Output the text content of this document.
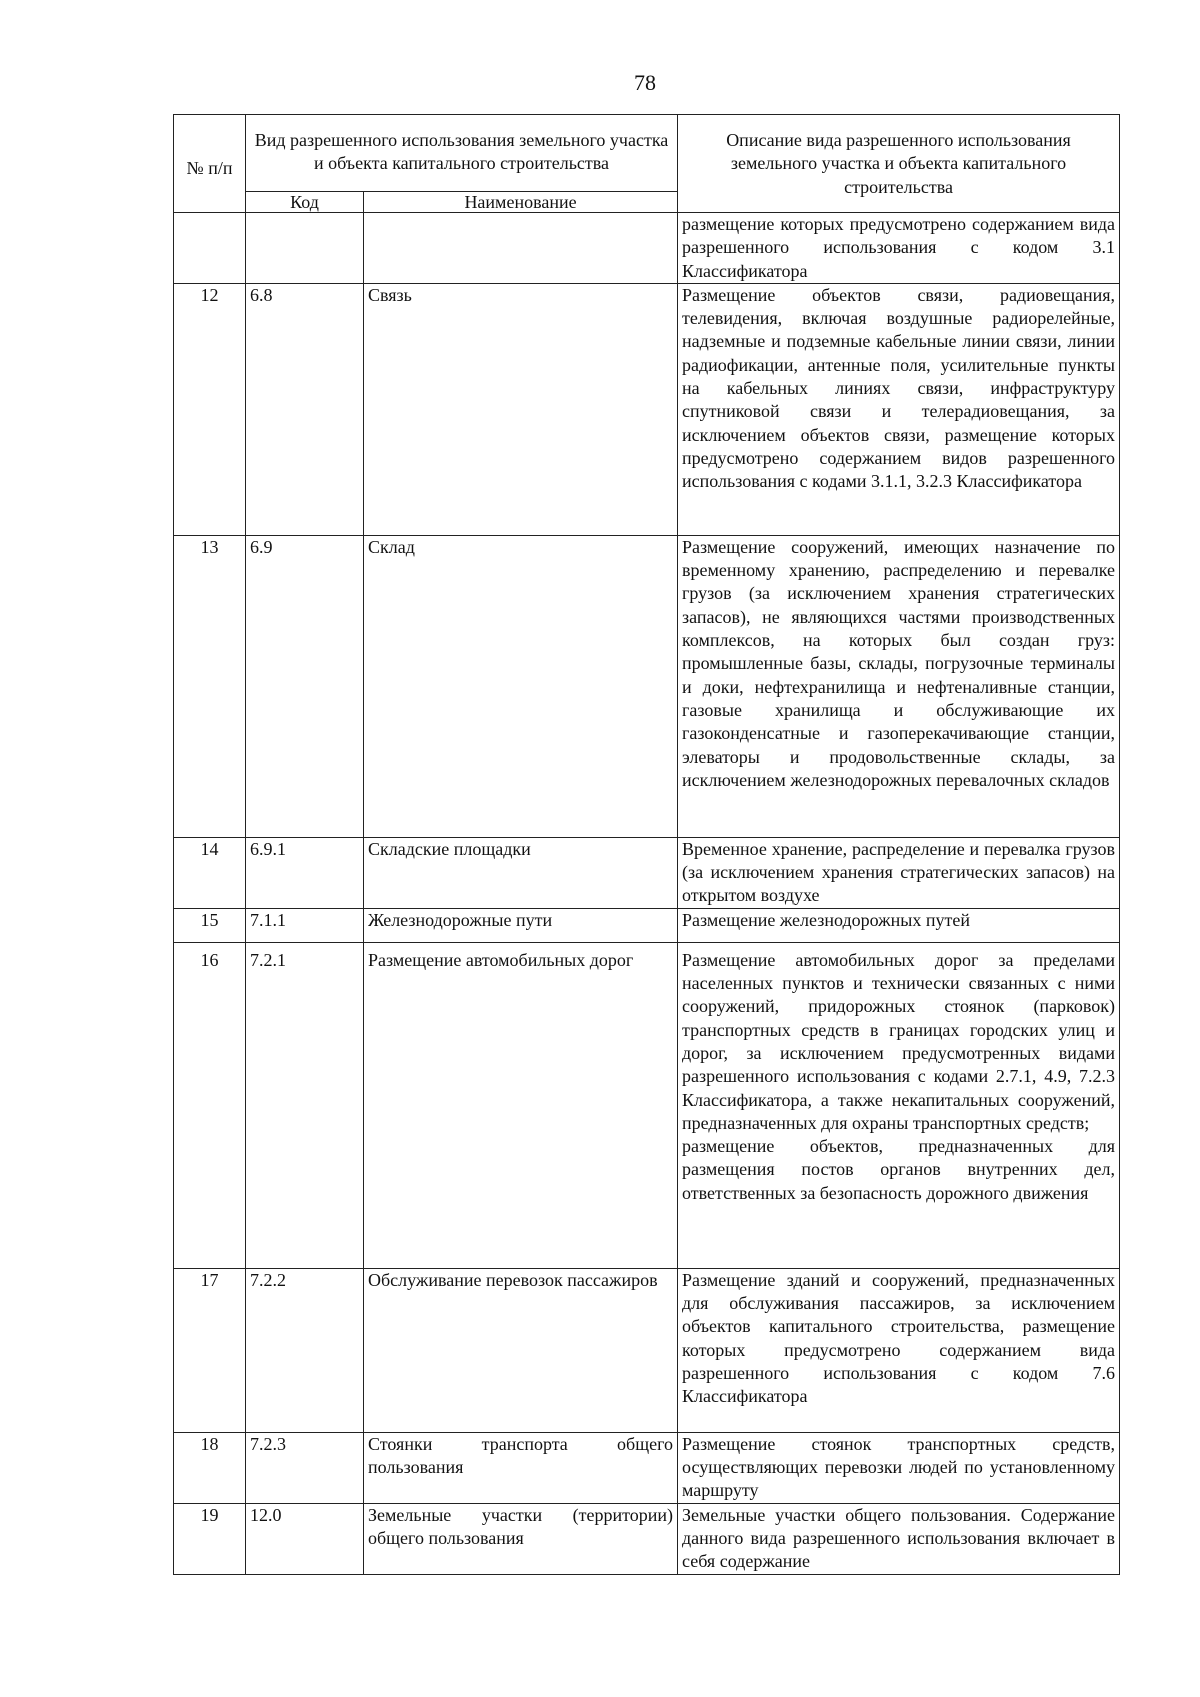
78
№ п/п	Вид разрешенного использования земельного участка и объекта капитального строительства		Описание вида разрешенного использования земельного участка и объекта капитального строительства
	Код	Наименование	
			размещение которых предусмотрено содержанием вида разрешенного использования с кодом 3.1 Классификатора
12	6.8	Связь	Размещение объектов связи, радиовещания, телевидения, включая воздушные радиорелейные, надземные и подземные кабельные линии связи, линии радиофикации, антенные поля, усилительные пункты на кабельных линиях связи, инфраструктуру спутниковой связи и телерадиовещания, за исключением объектов связи, размещение которых предусмотрено содержанием видов разрешенного использования с кодами 3.1.1, 3.2.3 Классификатора
13	6.9	Склад	Размещение сооружений, имеющих назначение по временному хранению, распределению и перевалке грузов (за исключением хранения стратегических запасов), не являющихся частями производственных комплексов, на которых был создан груз: промышленные базы, склады, погрузочные терминалы и доки, нефтехранилища и нефтеналивные станции, газовые хранилища и обслуживающие их газоконденсатные и газоперекачивающие станции, элеваторы и продовольственные склады, за исключением железнодорожных перевалочных складов
14	6.9.1	Складские площадки	Временное хранение, распределение и перевалка грузов (за исключением хранения стратегических запасов) на открытом воздухе
15	7.1.1	Железнодорожные пути	Размещение железнодорожных путей
16	7.2.1	Размещение автомобильных дорог	Размещение автомобильных дорог за пределами населенных пунктов и технически связанных с ними сооружений, придорожных стоянок (парковок) транспортных средств в границах городских улиц и дорог, за исключением предусмотренных видами разрешенного использования с кодами 2.7.1, 4.9, 7.2.3 Классификатора, а также некапитальных сооружений, предназначенных для охраны транспортных средств;
размещение объектов, предназначенных для размещения постов органов внутренних дел, ответственных за безопасность дорожного движения

17	7.2.2	Обслуживание перевозок пассажиров	Размещение зданий и сооружений, предназначенных для обслуживания пассажиров, за исключением объектов капитального строительства, размещение которых предусмотрено содержанием вида разрешенного использования с кодом 7.6 Классификатора
18	7.2.3	Стоянки транспорта общего пользования	Размещение стоянок транспортных средств, осуществляющих перевозки людей по установленному маршруту
19	12.0	Земельные участки (территории) общего пользования	Земельные участки общего пользования. Содержание данного вида разрешенного использования включает в себя содержание
